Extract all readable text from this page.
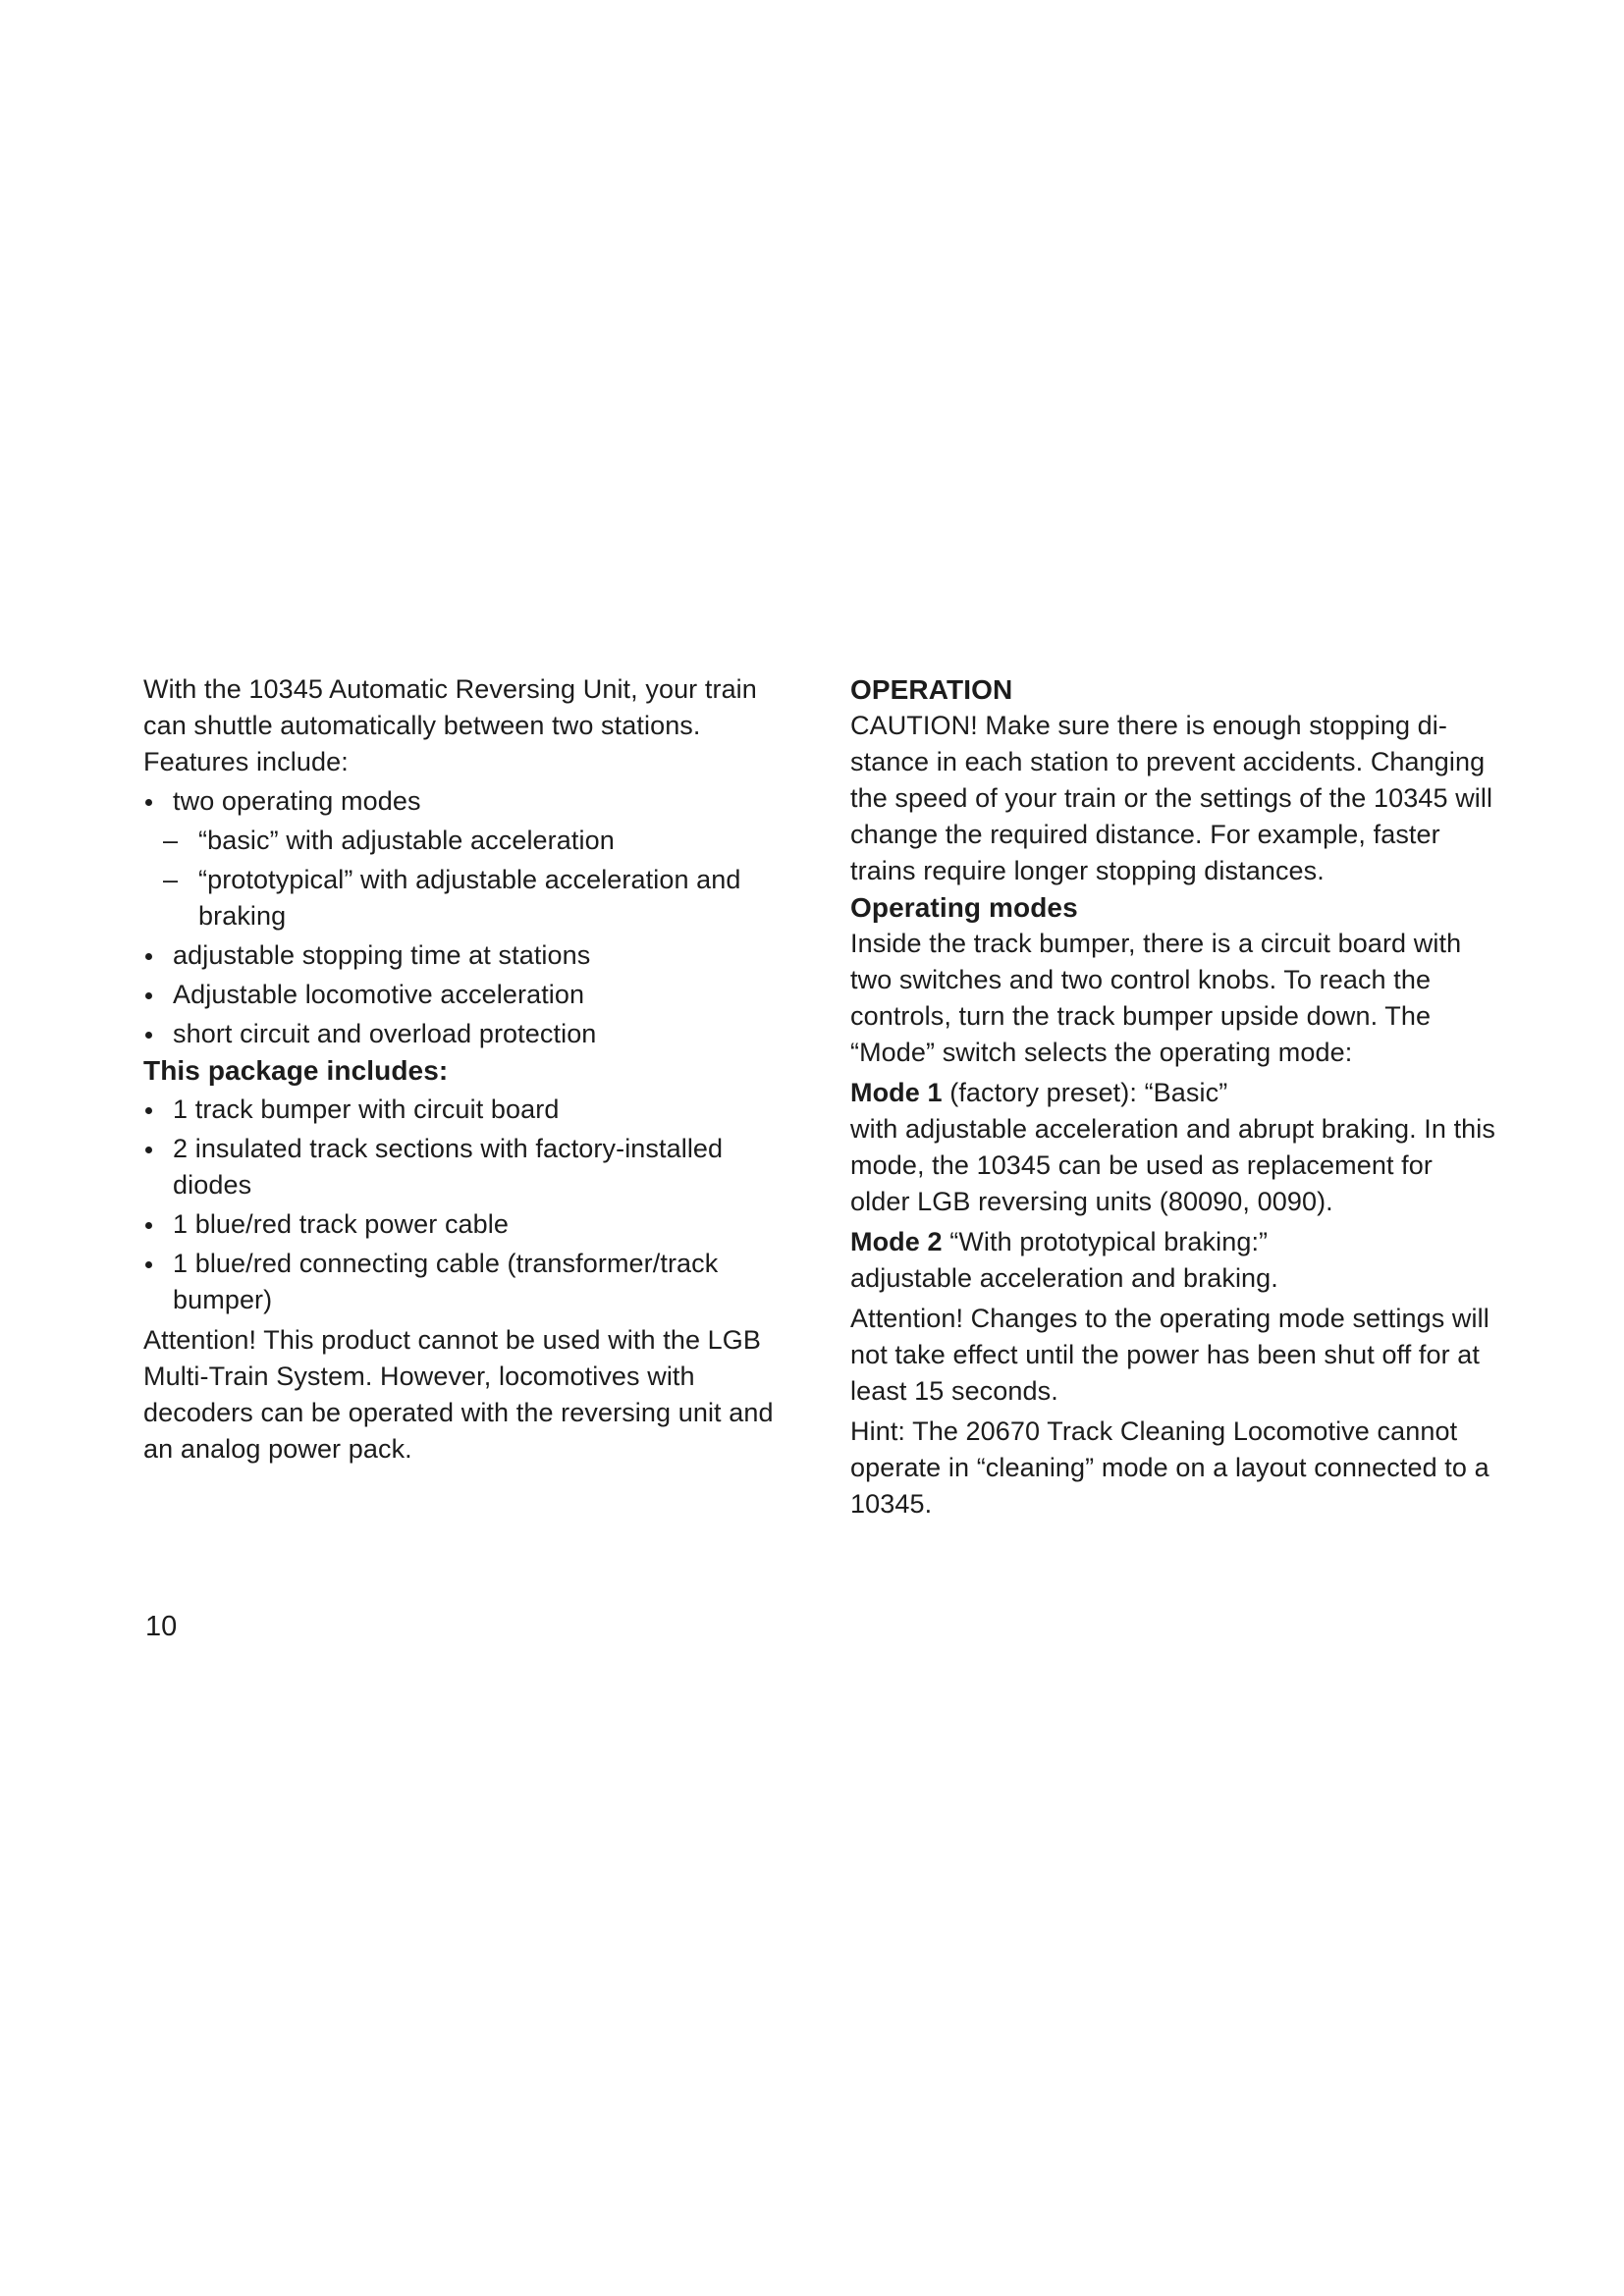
With the 10345 Automatic Reversing Unit, your train can shuttle automatically between two stations. Features include:

two operating modes
– “basic” with adjustable acceleration
– “prototypical” with adjustable acceleration and braking
adjustable stopping time at stations
Adjustable locomotive acceleration
short circuit and overload protection

This package includes:

1 track bumper with circuit board
2 insulated track sections with factory-installed diodes
1 blue/red track power cable
1 blue/red connecting cable (transformer/track bumper)

Attention! This product cannot be used with the LGB Multi-Train System. However, locomotives with decoders can be operated with the reversing unit and an analog power pack.

OPERATION

CAUTION! Make sure there is enough stopping di-stance in each station to prevent accidents. Changing the speed of your train or the settings of the 10345 will change the required distance. For example, faster trains require longer stopping distances.

Operating modes

Inside the track bumper, there is a circuit board with two switches and two control knobs. To reach the controls, turn the track bumper upside down. The “Mode” switch selects the operating mode:

Mode 1 (factory preset): “Basic”

with adjustable acceleration and abrupt braking. In this mode, the 10345 can be used as replacement for older LGB reversing units (80090, 0090).

Mode 2 “With prototypical braking:”

adjustable acceleration and braking.

Attention! Changes to the operating mode settings will not take effect until the power has been shut off for at least 15 seconds.

Hint: The 20670 Track Cleaning Locomotive cannot operate in “cleaning” mode on a layout connected to a 10345.

10
